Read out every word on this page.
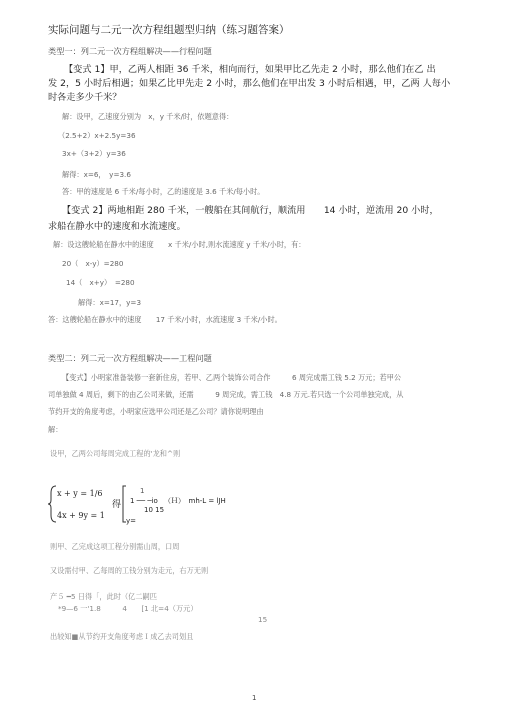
实际问题与二元一次方程组题型归纳（练习题答案）
类型一：列二元一次方程组解决——行程问题
【变式 1】甲，乙两人相距 36 千米，相向而行，如果甲比乙先走 2 小时，那么他们在乙 出
发 2，5 小时后相遇；如果乙比甲先走 2 小时，那么他们在甲出发 3 小时后相遇，甲，乙两 人每小
时各走多少千米？
解：设甲，乙速度分别为　x，y 千米/时，依题意得：
（2.5+2）x+2.5y=36
3x+（3+2）y=36
解得：x=6，　y=3.6
答：甲的速度是 6 千米/每小时，乙的速度是 3.6 千米/每小时。
【变式 2】两地相距 280 千米，一艘船在其间航行，顺流用　　14 小时，逆流用 20 小时，
求船在静水中的速度和水流速度。
解：设这艘轮船在静水中的速度　　x 千米/小时,则水流速度 y 千米/小时，有：
20（　x-y）=280
14（　x+y）　=280
解得：x=17，y=3
答：这艘轮船在静水中的速度　　17 千米/小时，水流速度 3 千米/小时。
类型二：列二元一次方程组解决——工程问题
【变式】小明家准备装修一套新住房，若甲、乙两个装饰公司合作　　　6 周完成需工钱 5.2 万元；若甲公
司单独做 4 周后，剩下的由乙公司来做，还需　　　9 周完成，需工钱　4.8 万元.若只选一个公司单独完成，从
节约开支的角度考虑，小明家应选甲公司还是乙公司？请你说明理由
解：
设甲，乙两公司每周完成工程的'龙和^则
x + y = 1/6
4x + 9y = 1
得
1
1 ── ─io
10 15
（Ｈ）　mh-L = lJH
y=
则甲、乙完成这项工程分别需山周，口周
又设需付甲、乙每周的工钱分别为走元，右万无则
产５ ━5 日得「，此时（亿二嗣匹
*9—6 一'1.8　　　4　　[1 北=4（万元）
15
出较知■从节约开支角度考虑Ｉ成乙去司划且
1
